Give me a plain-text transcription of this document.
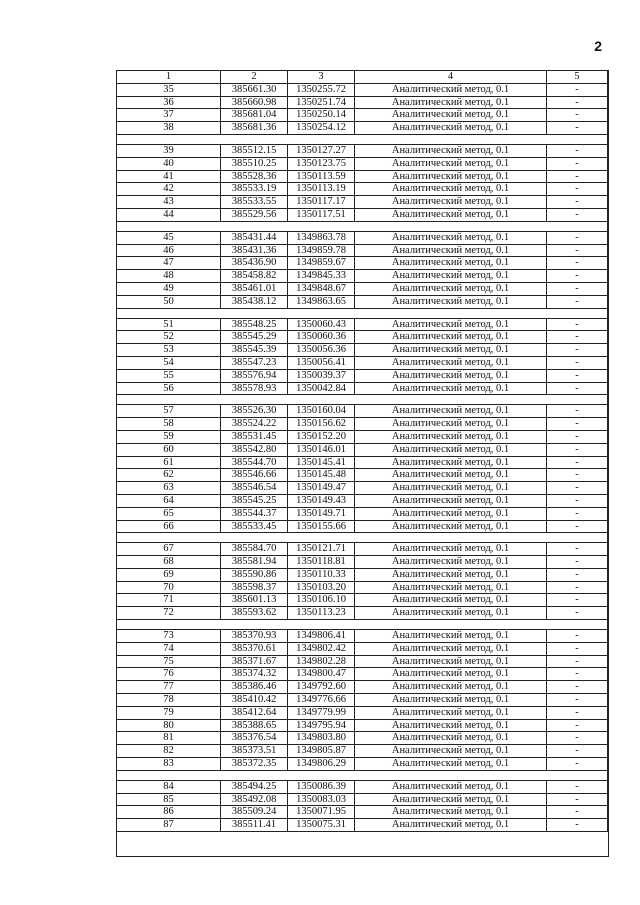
2
1	2	3	4	5
35	385661.30	1350255.72	Аналитический метод, 0.1	-
36	385660.98	1350251.74	Аналитический метод, 0.1	-
37	385681.04	1350250.14	Аналитический метод, 0.1	-
38	385681.36	1350254.12	Аналитический метод, 0.1	-

39	385512.15	1350127.27	Аналитический метод, 0.1	-
40	385510.25	1350123.75	Аналитический метод, 0.1	-
41	385528.36	1350113.59	Аналитический метод, 0.1	-
42	385533.19	1350113.19	Аналитический метод, 0.1	-
43	385533.55	1350117.17	Аналитический метод, 0.1	-
44	385529.56	1350117.51	Аналитический метод, 0.1	-

45	385431.44	1349863.78	Аналитический метод, 0.1	-
46	385431.36	1349859.78	Аналитический метод, 0.1	-
47	385436.90	1349859.67	Аналитический метод, 0.1	-
48	385458.82	1349845.33	Аналитический метод, 0.1	-
49	385461.01	1349848.67	Аналитический метод, 0.1	-
50	385438.12	1349863.65	Аналитический метод, 0.1	-

51	385548.25	1350060.43	Аналитический метод, 0.1	-
52	385545.29	1350060.36	Аналитический метод, 0.1	-
53	385545.39	1350056.36	Аналитический метод, 0.1	-
54	385547.23	1350056.41	Аналитический метод, 0.1	-
55	385576.94	1350039.37	Аналитический метод, 0.1	-
56	385578.93	1350042.84	Аналитический метод, 0.1	-

57	385526.30	1350160.04	Аналитический метод, 0.1	-
58	385524.22	1350156.62	Аналитический метод, 0.1	-
59	385531.45	1350152.20	Аналитический метод, 0.1	-
60	385542.80	1350146.01	Аналитический метод, 0.1	-
61	385544.70	1350145.41	Аналитический метод, 0.1	-
62	385546.66	1350145.48	Аналитический метод, 0.1	-
63	385546.54	1350149.47	Аналитический метод, 0.1	-
64	385545.25	1350149.43	Аналитический метод, 0.1	-
65	385544.37	1350149.71	Аналитический метод, 0.1	-
66	385533.45	1350155.66	Аналитический метод, 0.1	-

67	385584.70	1350121.71	Аналитический метод, 0.1	-
68	385581.94	1350118.81	Аналитический метод, 0.1	-
69	385590.86	1350110.33	Аналитический метод, 0.1	-
70	385598.37	1350103.20	Аналитический метод, 0.1	-
71	385601.13	1350106.10	Аналитический метод, 0.1	-
72	385593.62	1350113.23	Аналитический метод, 0.1	-

73	385370.93	1349806.41	Аналитический метод, 0.1	-
74	385370.61	1349802.42	Аналитический метод, 0.1	-
75	385371.67	1349802.28	Аналитический метод, 0.1	-
76	385374.32	1349800.47	Аналитический метод, 0.1	-
77	385386.46	1349792.60	Аналитический метод, 0.1	-
78	385410.42	1349776.66	Аналитический метод, 0.1	-
79	385412.64	1349779.99	Аналитический метод, 0.1	-
80	385388.65	1349795.94	Аналитический метод, 0.1	-
81	385376.54	1349803.80	Аналитический метод, 0.1	-
82	385373.51	1349805.87	Аналитический метод, 0.1	-
83	385372.35	1349806.29	Аналитический метод, 0.1	-

84	385494.25	1350086.39	Аналитический метод, 0.1	-
85	385492.08	1350083.03	Аналитический метод, 0.1	-
86	385509.24	1350071.95	Аналитический метод, 0.1	-
87	385511.41	1350075.31	Аналитический метод, 0.1	-
